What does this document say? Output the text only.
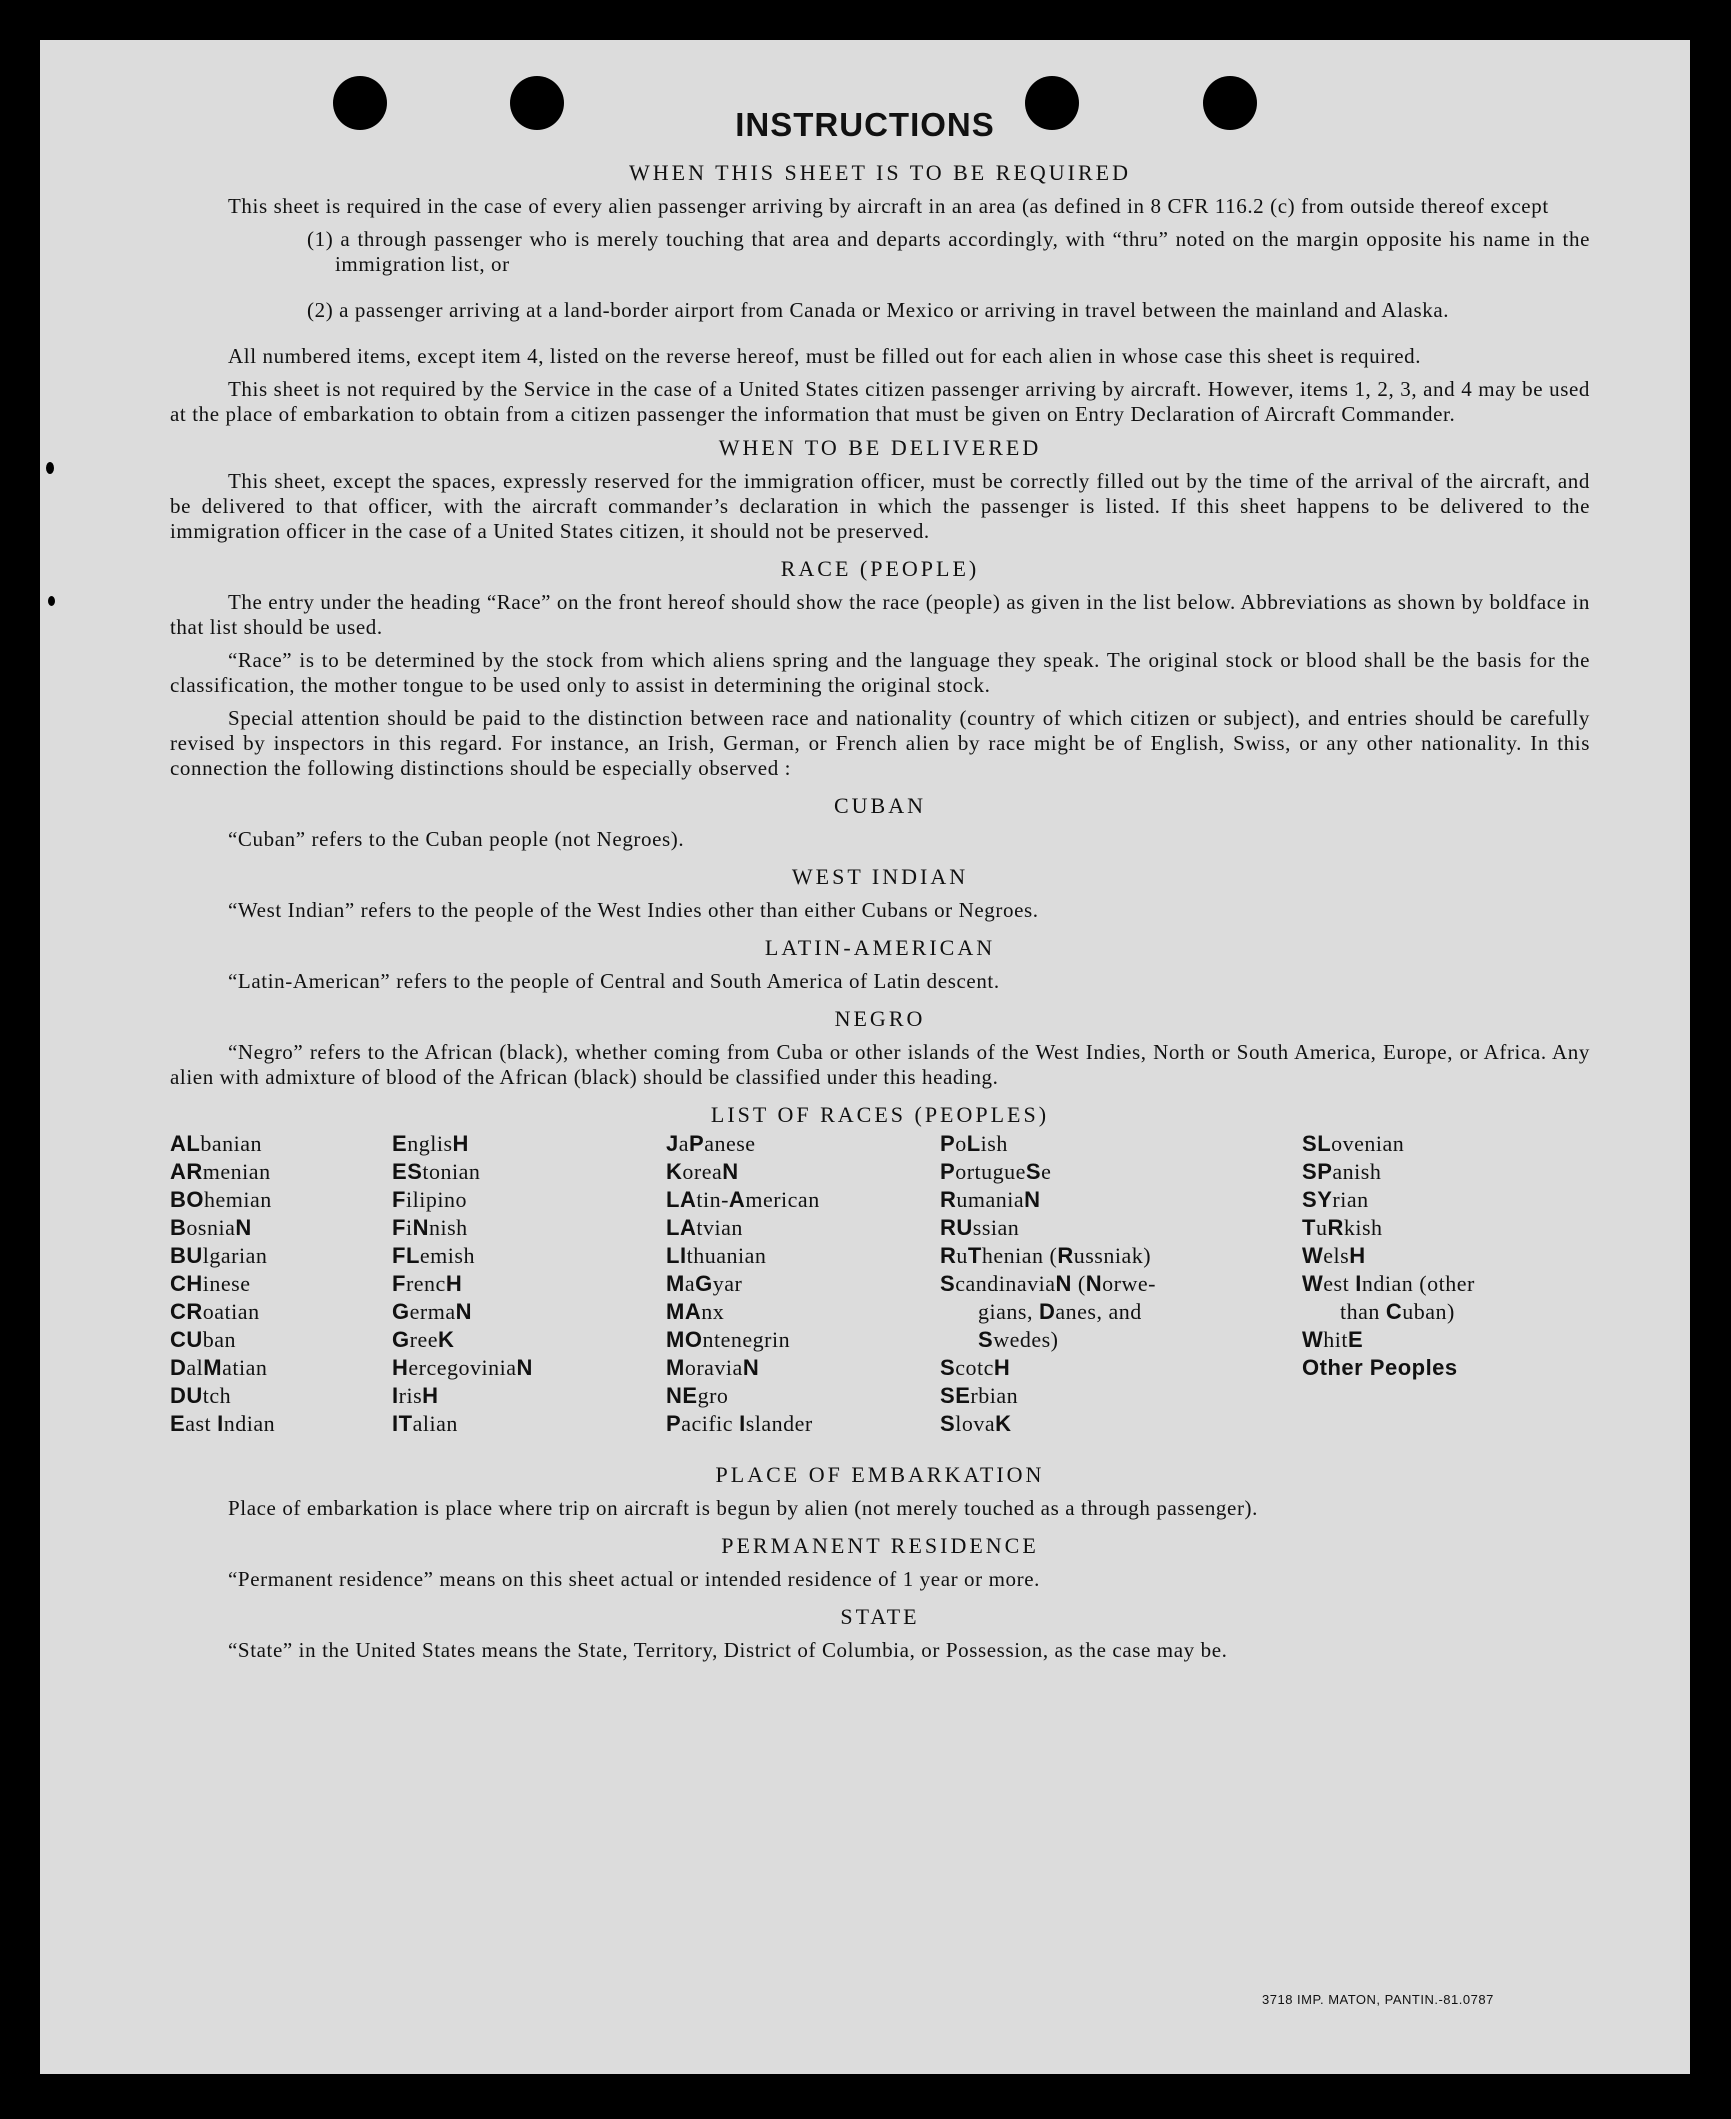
INSTRUCTIONS
WHEN THIS SHEET IS TO BE REQUIRED

This sheet is required in the case of every alien passenger arriving by aircraft in an area (as defined in 8 CFR 116.2 (c) from outside thereof except

(1) a through passenger who is merely touching that area and departs accordingly, with “thru” noted on the margin opposite his name in the immigration list, or

(2) a passenger arriving at a land-border airport from Canada or Mexico or arriving in travel between the mainland and Alaska.

All numbered items, except item 4, listed on the reverse hereof, must be filled out for each alien in whose case this sheet is required.

This sheet is not required by the Service in the case of a United States citizen passenger arriving by aircraft. However, items 1, 2, 3, and 4 may be used at the place of embarkation to obtain from a citizen passenger the information that must be given on Entry Declaration of Aircraft Commander.

WHEN TO BE DELIVERED

This sheet, except the spaces, expressly reserved for the immigration officer, must be correctly filled out by the time of the arrival of the aircraft, and be delivered to that officer, with the aircraft commander’s declaration in which the passenger is listed. If this sheet happens to be delivered to the immigration officer in the case of a United States citizen, it should not be preserved.

RACE (PEOPLE)

The entry under the heading “Race” on the front hereof should show the race (people) as given in the list below. Abbreviations as shown by boldface in that list should be used.

“Race” is to be determined by the stock from which aliens spring and the language they speak. The original stock or blood shall be the basis for the classification, the mother tongue to be used only to assist in determining the original stock.

Special attention should be paid to the distinction between race and nationality (country of which citizen or subject), and entries should be carefully revised by inspectors in this regard. For instance, an Irish, German, or French alien by race might be of English, Swiss, or any other nationality. In this connection the following distinctions should be especially observed :

CUBAN

“Cuban” refers to the Cuban people (not Negroes).

WEST INDIAN

“West Indian” refers to the people of the West Indies other than either Cubans or Negroes.

LATIN-AMERICAN

“Latin-American” refers to the people of Central and South America of Latin descent.

NEGRO

“Negro” refers to the African (black), whether coming from Cuba or other islands of the West Indies, North or South America, Europe, or Africa. Any alien with admixture of blood of the African (black) should be classified under this heading.

LIST OF RACES (PEOPLES)
ALbanian
ARmenian
BOhemian
BosniaN
BUlgarian
CHinese
CRoatian
CUban
DalMatian
DUtch
East Indian
EnglisH
EStonian
Filipino
FiNnish
FLemish
FrencH
GermaN
GreeK
HercegoviniaN
IrisH
ITalian
JaPanese
KoreaN
LAtin-American
LAtvian
LIthuanian
MaGyar
MAnx
MOntenegrin
MoraviaN
NEgro
Pacific Islander
PoLish
PortugueSe
RumaniaN
RUssian
RuThenian (Russniak)
ScandinaviaN (Norwe-
gians, Danes, and
Swedes)
ScotcH
SErbian
SlovaK
SLovenian
SPanish
SYrian
TuRkish
WelsH
West Indian (other
than Cuban)
WhitE
Other Peoples
PLACE OF EMBARKATION

Place of embarkation is place where trip on aircraft is begun by alien (not merely touched as a through passenger).

PERMANENT RESIDENCE

“Permanent residence” means on this sheet actual or intended residence of 1 year or more.

STATE

“State” in the United States means the State, Territory, District of Columbia, or Possession, as the case may be.

3718 IMP. MATON, PANTIN.-81.0787
